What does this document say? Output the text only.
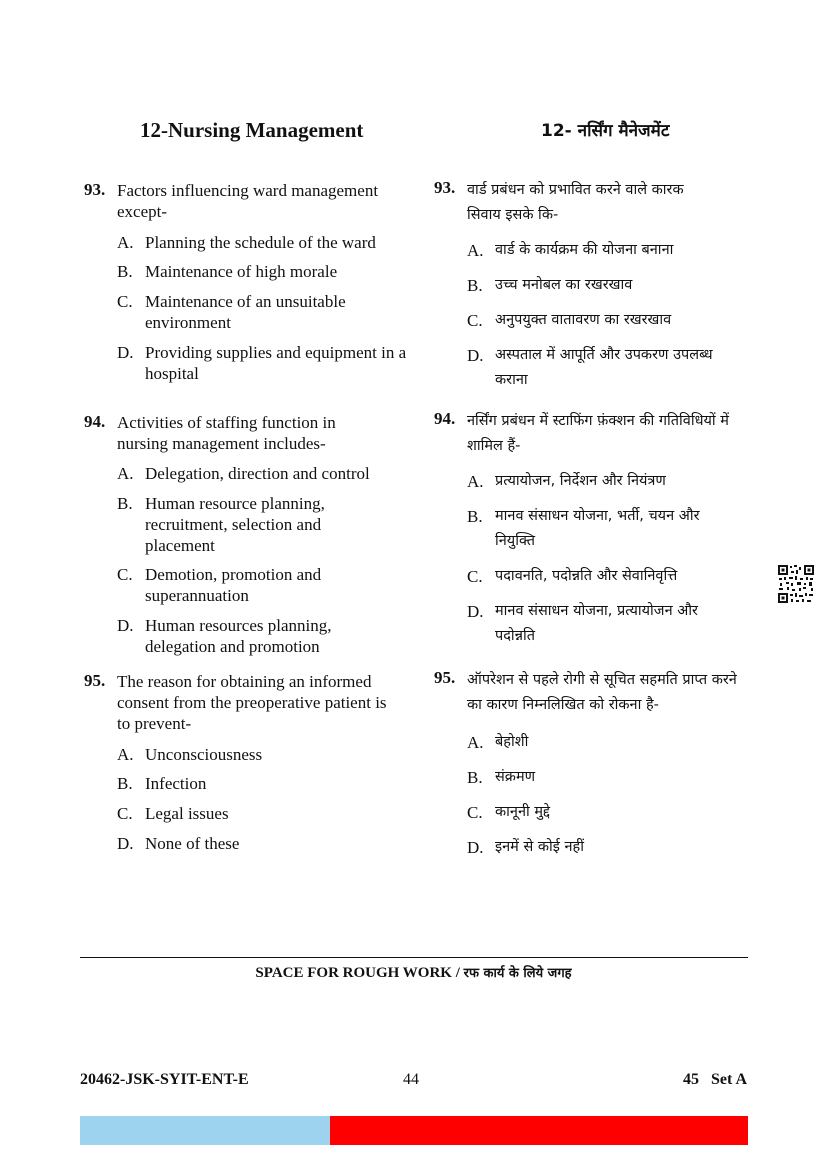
12-Nursing Management	12- नर्सिंग मैनेजमेंट
93. Factors influencing ward management except-
A. Planning the schedule of the ward
B. Maintenance of high morale
C. Maintenance of an unsuitable environment
D. Providing supplies and equipment in a hospital
94. Activities of staffing function in nursing management includes-
A. Delegation, direction and control
B. Human resource planning, recruitment, selection and placement
C. Demotion, promotion and superannuation
D. Human resources planning, delegation and promotion
95. The reason for obtaining an informed consent from the preoperative patient is to prevent-
A. Unconsciousness
B. Infection
C. Legal issues
D. None of these
93. वार्ड प्रबंधन को प्रभावित करने वाले कारक सिवाय इसके कि-
A. वार्ड के कार्यक्रम की योजना बनाना
B. उच्च मनोबल का रखरखाव
C. अनुपयुक्त वातावरण का रखरखाव
D. अस्पताल में आपूर्ति और उपकरण उपलब्ध कराना
94. नर्सिंग प्रबंधन में स्टाफिंग फ़ंक्शन की गतिविधियों में शामिल हैं-
A. प्रत्यायोजन, निर्देशन और नियंत्रण
B. मानव संसाधन योजना, भर्ती, चयन और नियुक्ति
C. पदावनति, पदोन्नति और सेवानिवृत्ति
D. मानव संसाधन योजना, प्रत्यायोजन और पदोन्नति
95. ऑपरेशन से पहले रोगी से सूचित सहमति प्राप्त करने का कारण निम्नलिखित को रोकना है-
A. बेहोशी
B. संक्रमण
C. कानूनी मुद्दे
D. इनमें से कोई नहीं
SPACE FOR ROUGH WORK / रफ कार्य के लिये जगह
20462-JSK-SYIT-ENT-E	44	45   Set A
